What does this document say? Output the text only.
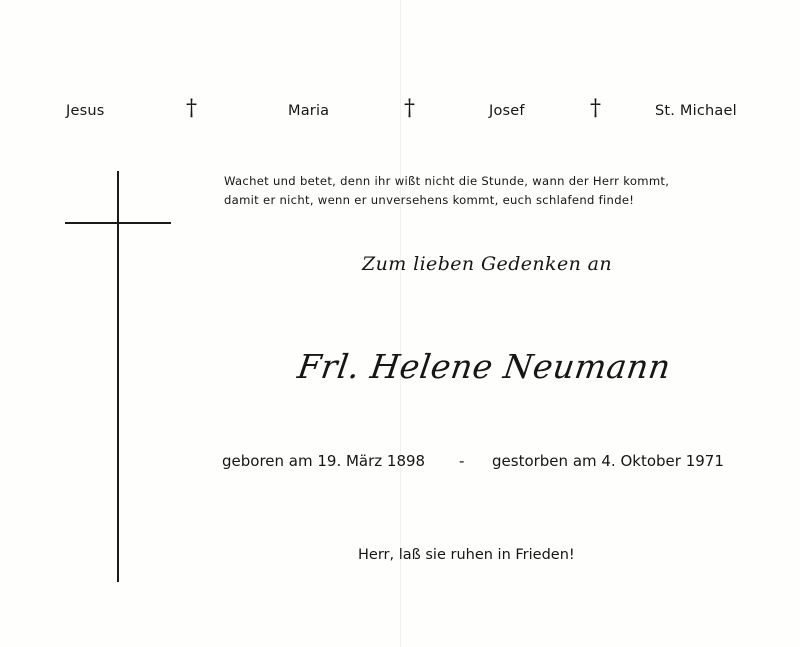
Jesus	†	Maria	†	Josef	†	St. Michael
Wachet und betet, denn ihr wißt nicht die Stunde, wann der Herr kommt,
damit er nicht, wenn er unversehens kommt, euch schlafend finde!
Zum lieben Gedenken an
Frl. Helene Neumann
geboren am 19. März 1898 - gestorben am 4. Oktober 1971
Herr, laß sie ruhen in Frieden!
